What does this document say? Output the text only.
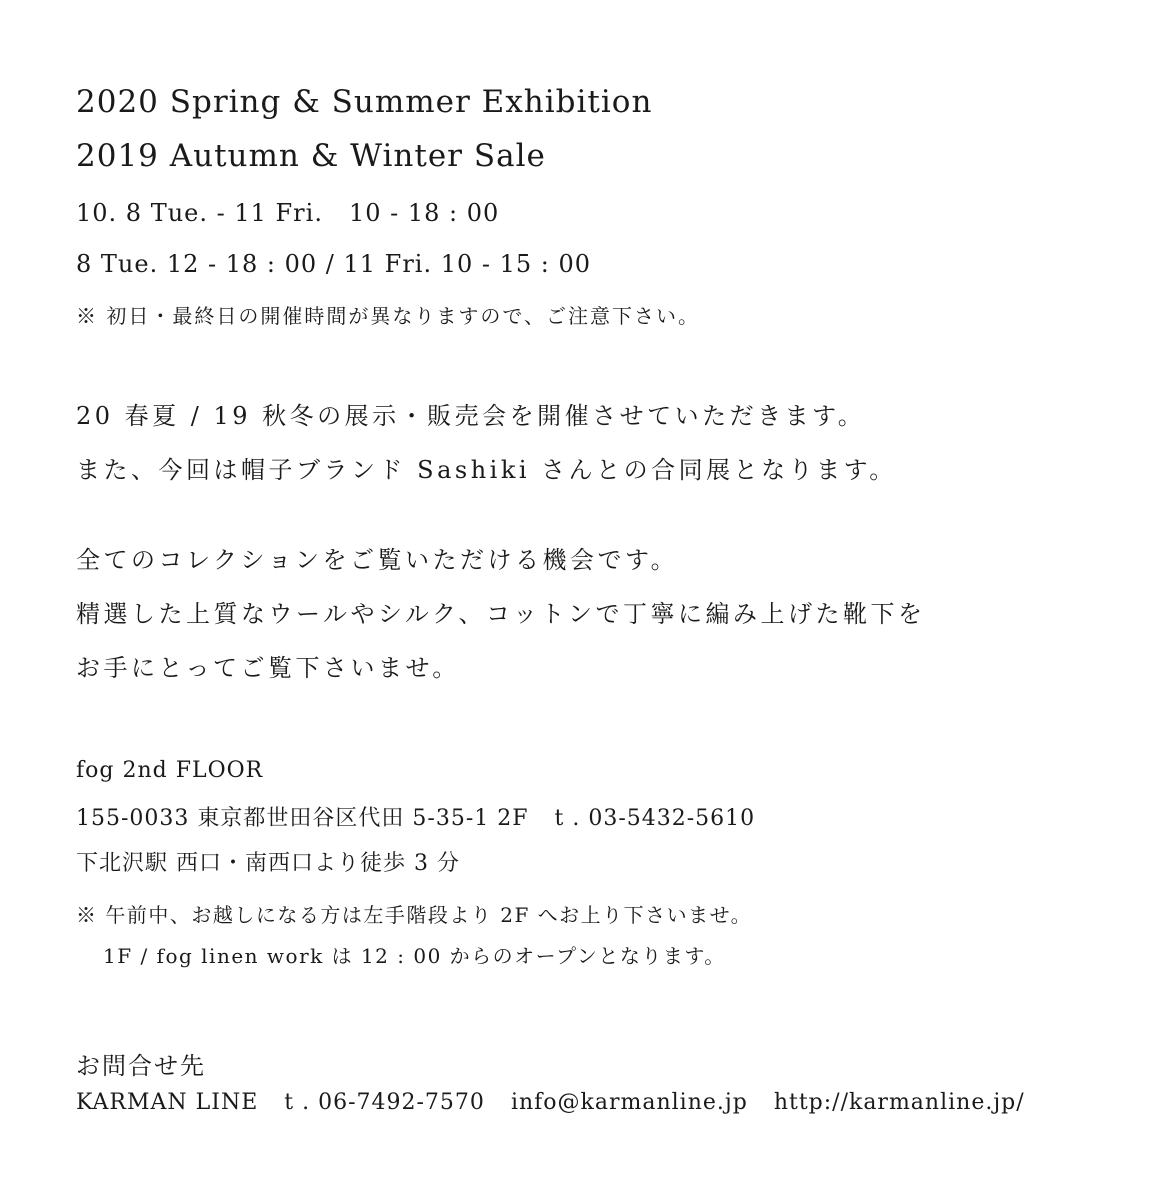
2020 Spring & Summer Exhibition
2019 Autumn & Winter Sale
10. 8 Tue. - 11 Fri. 10 - 18 : 00
8 Tue. 12 - 18 : 00 / 11 Fri. 10 - 15 : 00
※ 初日・最終日の開催時間が異なりますので、ご注意下さい。
20 春夏 / 19 秋冬の展示・販売会を開催させていただきます。
また、今回は帽子ブランド Sashiki さんとの合同展となります。
全てのコレクションをご覧いただける機会です。
精選した上質なウールやシルク、コットンで丁寧に編み上げた靴下を
お手にとってご覧下さいませ。
fog 2nd FLOOR
155-0033 東京都世田谷区代田 5-35-1 2F t . 03-5432-5610
下北沢駅 西口・南西口より徒歩 3 分
※ 午前中、お越しになる方は左手階段より 2F へお上り下さいませ。
1F / fog linen work は 12 : 00 からのオープンとなります。
お問合せ先
KARMAN LINE t . 06-7492-7570 info@karmanline.jp http://karmanline.jp/
